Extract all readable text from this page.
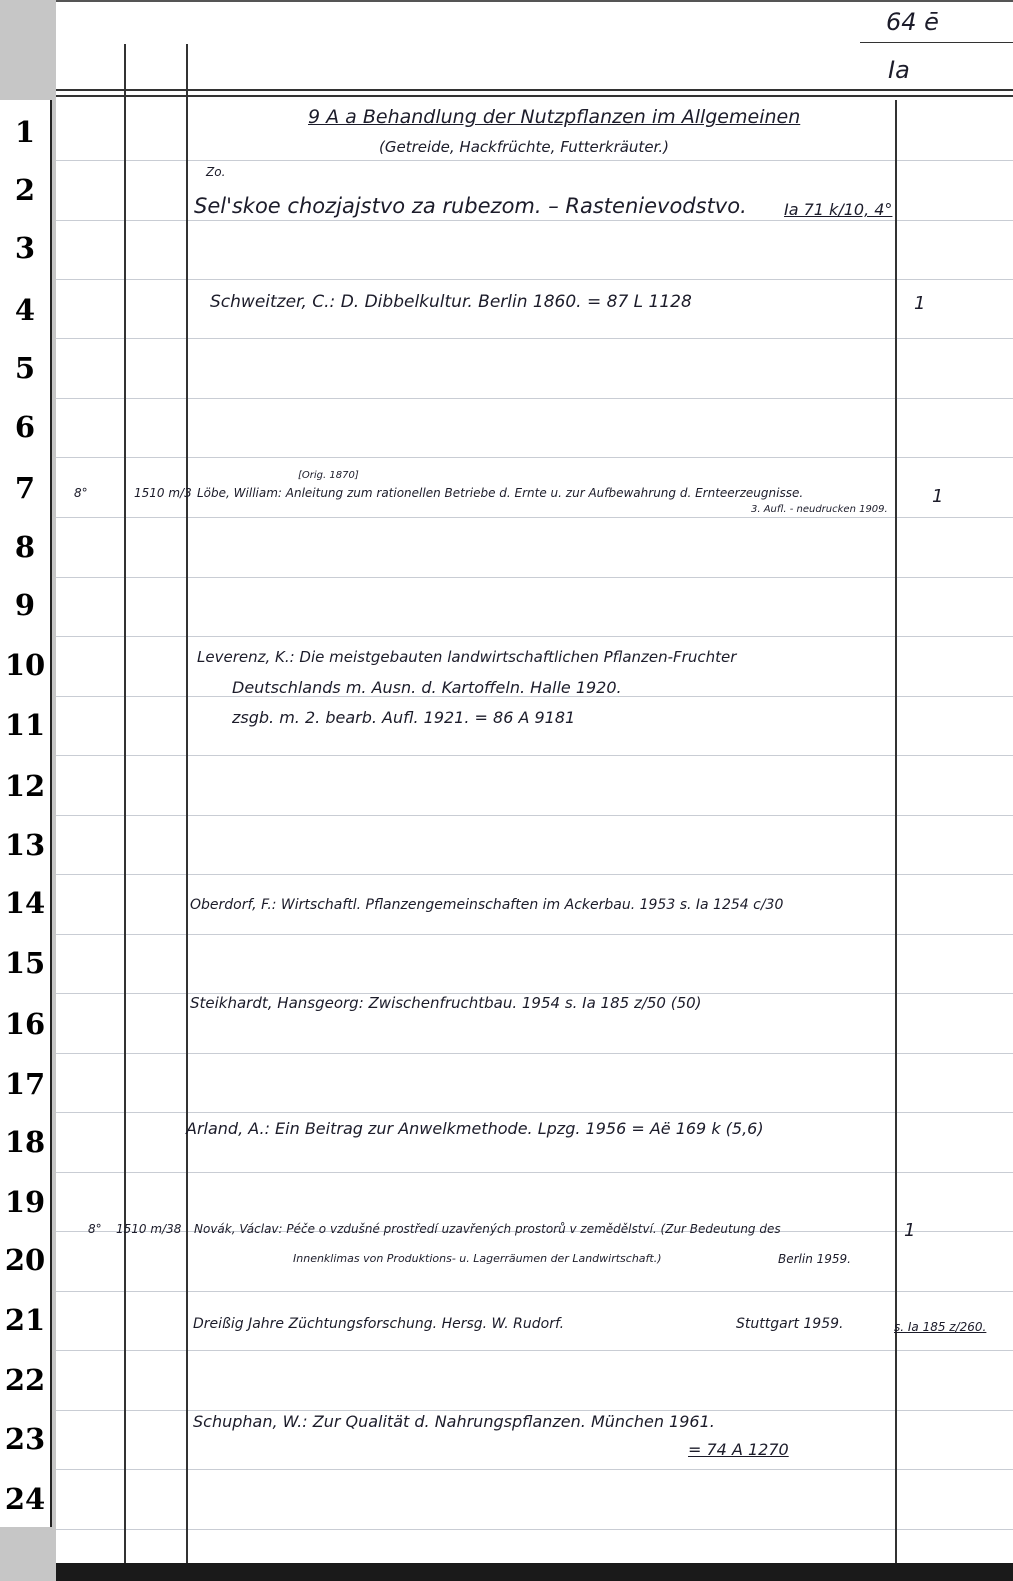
1
2
3
4
5
6
7
8
9
10
11
12
13
14
15
16
17
18
19
20
21
22
23
24
64 ē
Ia
9 A a Behandlung der Nutzpflanzen im Allgemeinen
(Getreide, Hackfrüchte, Futterkräuter.)
Zo.
Sel'skoe chozjajstvo za rubezom. – Rastenievodstvo. Ia 71 k/10, 4°
Schweitzer, C.: D. Dibbelkultur. Berlin 1860. = 87 L 1128	1
8°	1510 m/3
[Orig. 1870]
Löbe, William: Anleitung zum rationellen Betriebe d. Ernte u. zur Aufbewahrung d. Ernteerzeugnisse.
3. Aufl. - neudrucken 1909.
1
Leverenz, K.: Die meistgebauten landwirtschaftlichen Pflanzen-Fruchter
Deutschlands m. Ausn. d. Kartoffeln. Halle 1920.
zsgb. m. 2. bearb. Aufl. 1921. = 86 A 9181
Oberdorf, F.: Wirtschaftl. Pflanzengemeinschaften im Ackerbau. 1953 s. Ia 1254 c/30
Steikhardt, Hansgeorg: Zwischenfruchtbau. 1954 s. Ia 185 z/50 (50)
Arland, A.: Ein Beitrag zur Anwelkmethode. Lpzg. 1956 = Aë 169 k (5,6)
8° 1510 m/38 Novák, Václav: Péče o vzdušné prostředí uzavřených prostorů v zemědělství. (Zur Bedeutung des
Innenklimas von Produktions- u. Lagerräumen der Landwirtschaft.)	Berlin 1959.
1
Dreißig Jahre Züchtungsforschung. Hersg. W. Rudorf.	Stuttgart 1959.	s. Ia 185 z/260.
Schuphan, W.: Zur Qualität d. Nahrungspflanzen. München 1961.
= 74 A 1270
